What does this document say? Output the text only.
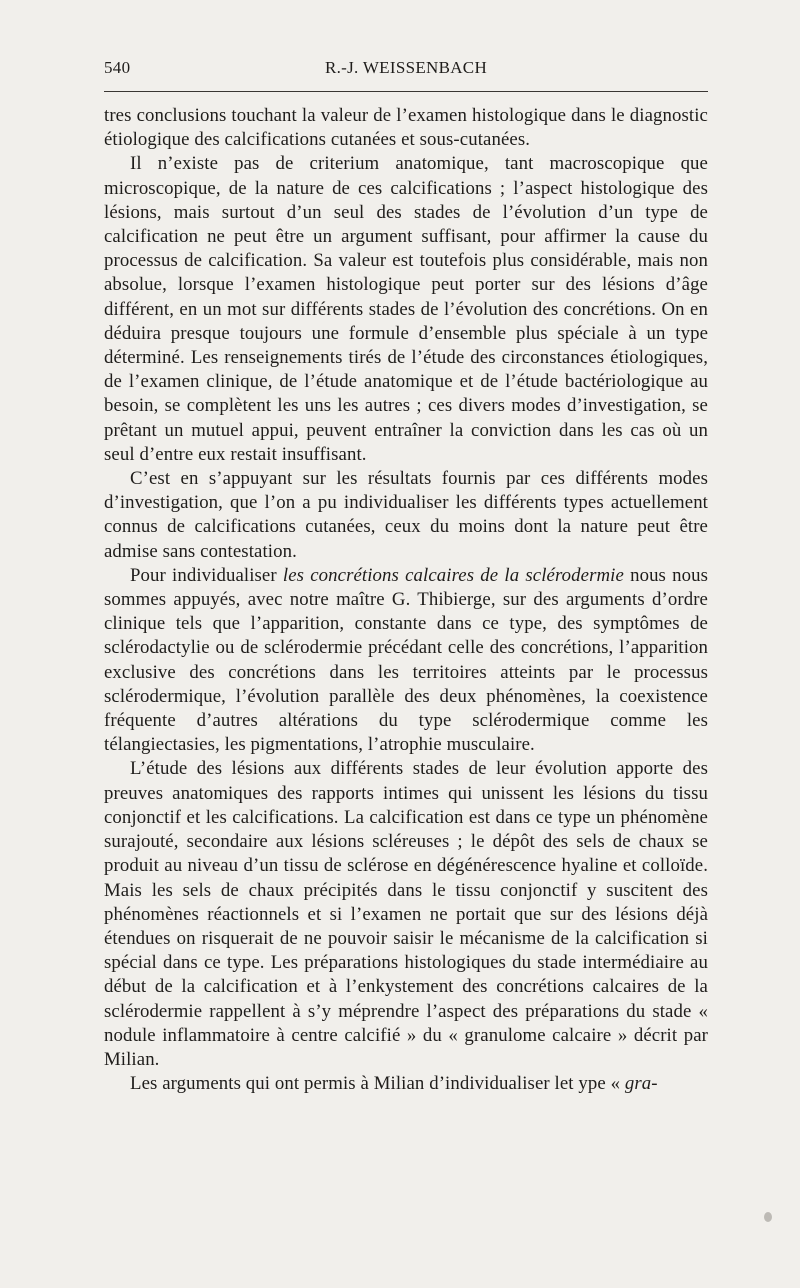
540	R.-J. WEISSENBACH

tres conclusions touchant la valeur de l’examen histologique dans le diagnostic étiologique des calcifications cutanées et sous-cutanées.

Il n’existe pas de criterium anatomique, tant macroscopique que microscopique, de la nature de ces calcifications ; l’aspect histologique des lésions, mais surtout d’un seul des stades de l’évolution d’un type de calcification ne peut être un argument suffisant, pour affirmer la cause du processus de calcification. Sa valeur est toutefois plus considérable, mais non absolue, lorsque l’examen histologique peut porter sur des lésions d’âge différent, en un mot sur différents stades de l’évolution des concrétions. On en déduira presque toujours une formule d’ensemble plus spéciale à un type déterminé. Les renseignements tirés de l’étude des circonstances étiologiques, de l’examen clinique, de l’étude anatomique et de l’étude bactériologique au besoin, se complètent les uns les autres ; ces divers modes d’investigation, se prêtant un mutuel appui, peuvent entraîner la conviction dans les cas où un seul d’entre eux restait insuffisant.

C’est en s’appuyant sur les résultats fournis par ces différents modes d’investigation, que l’on a pu individualiser les différents types actuellement connus de calcifications cutanées, ceux du moins dont la nature peut être admise sans contestation.

Pour individualiser les concrétions calcaires de la sclérodermie nous nous sommes appuyés, avec notre maître G. Thibierge, sur des arguments d’ordre clinique tels que l’apparition, constante dans ce type, des symptômes de sclérodactylie ou de sclérodermie précédant celle des concrétions, l’apparition exclusive des concrétions dans les territoires atteints par le processus sclérodermique, l’évolution parallèle des deux phénomènes, la coexistence fréquente d’autres altérations du type sclérodermique comme les télangiectasies, les pigmentations, l’atrophie musculaire.

L’étude des lésions aux différents stades de leur évolution apporte des preuves anatomiques des rapports intimes qui unissent les lésions du tissu conjonctif et les calcifications. La calcification est dans ce type un phénomène surajouté, secondaire aux lésions scléreuses ; le dépôt des sels de chaux se produit au niveau d’un tissu de sclérose en dégénérescence hyaline et colloïde. Mais les sels de chaux précipités dans le tissu conjonctif y suscitent des phénomènes réactionnels et si l’examen ne portait que sur des lésions déjà étendues on risquerait de ne pouvoir saisir le mécanisme de la calcification si spécial dans ce type. Les préparations histologiques du stade intermédiaire au début de la calcification et à l’enkystement des concrétions calcaires de la sclérodermie rappellent à s’y méprendre l’aspect des préparations du stade « nodule inflammatoire à centre calcifié » du « granulome calcaire » décrit par Milian.

Les arguments qui ont permis à Milian d’individualiser let ype « gra-
